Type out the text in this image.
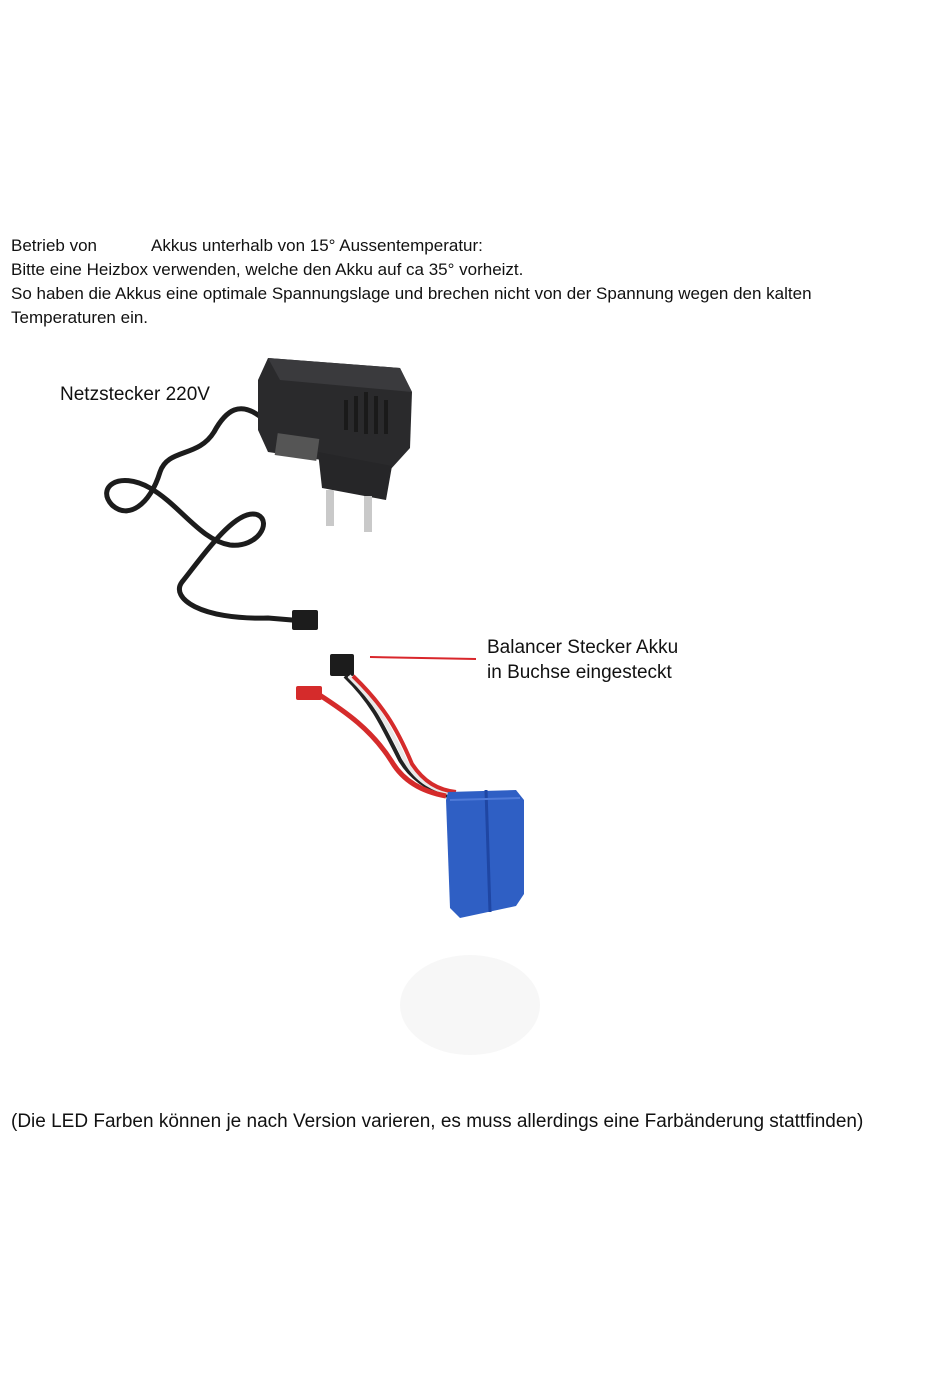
Betrieb von	Akkus unterhalb von 15° Aussentemperatur:
Bitte eine Heizbox verwenden, welche den Akku auf ca 35° vorheizt.
So haben die Akkus eine optimale Spannungslage und brechen nicht von der Spannung wegen den kalten
Temperaturen ein.
Netzstecker 220V
Balancer Stecker Akku
in Buchse eingesteckt
(Die LED Farben können je nach Version varieren, es muss allerdings eine Farbänderung stattfinden)
